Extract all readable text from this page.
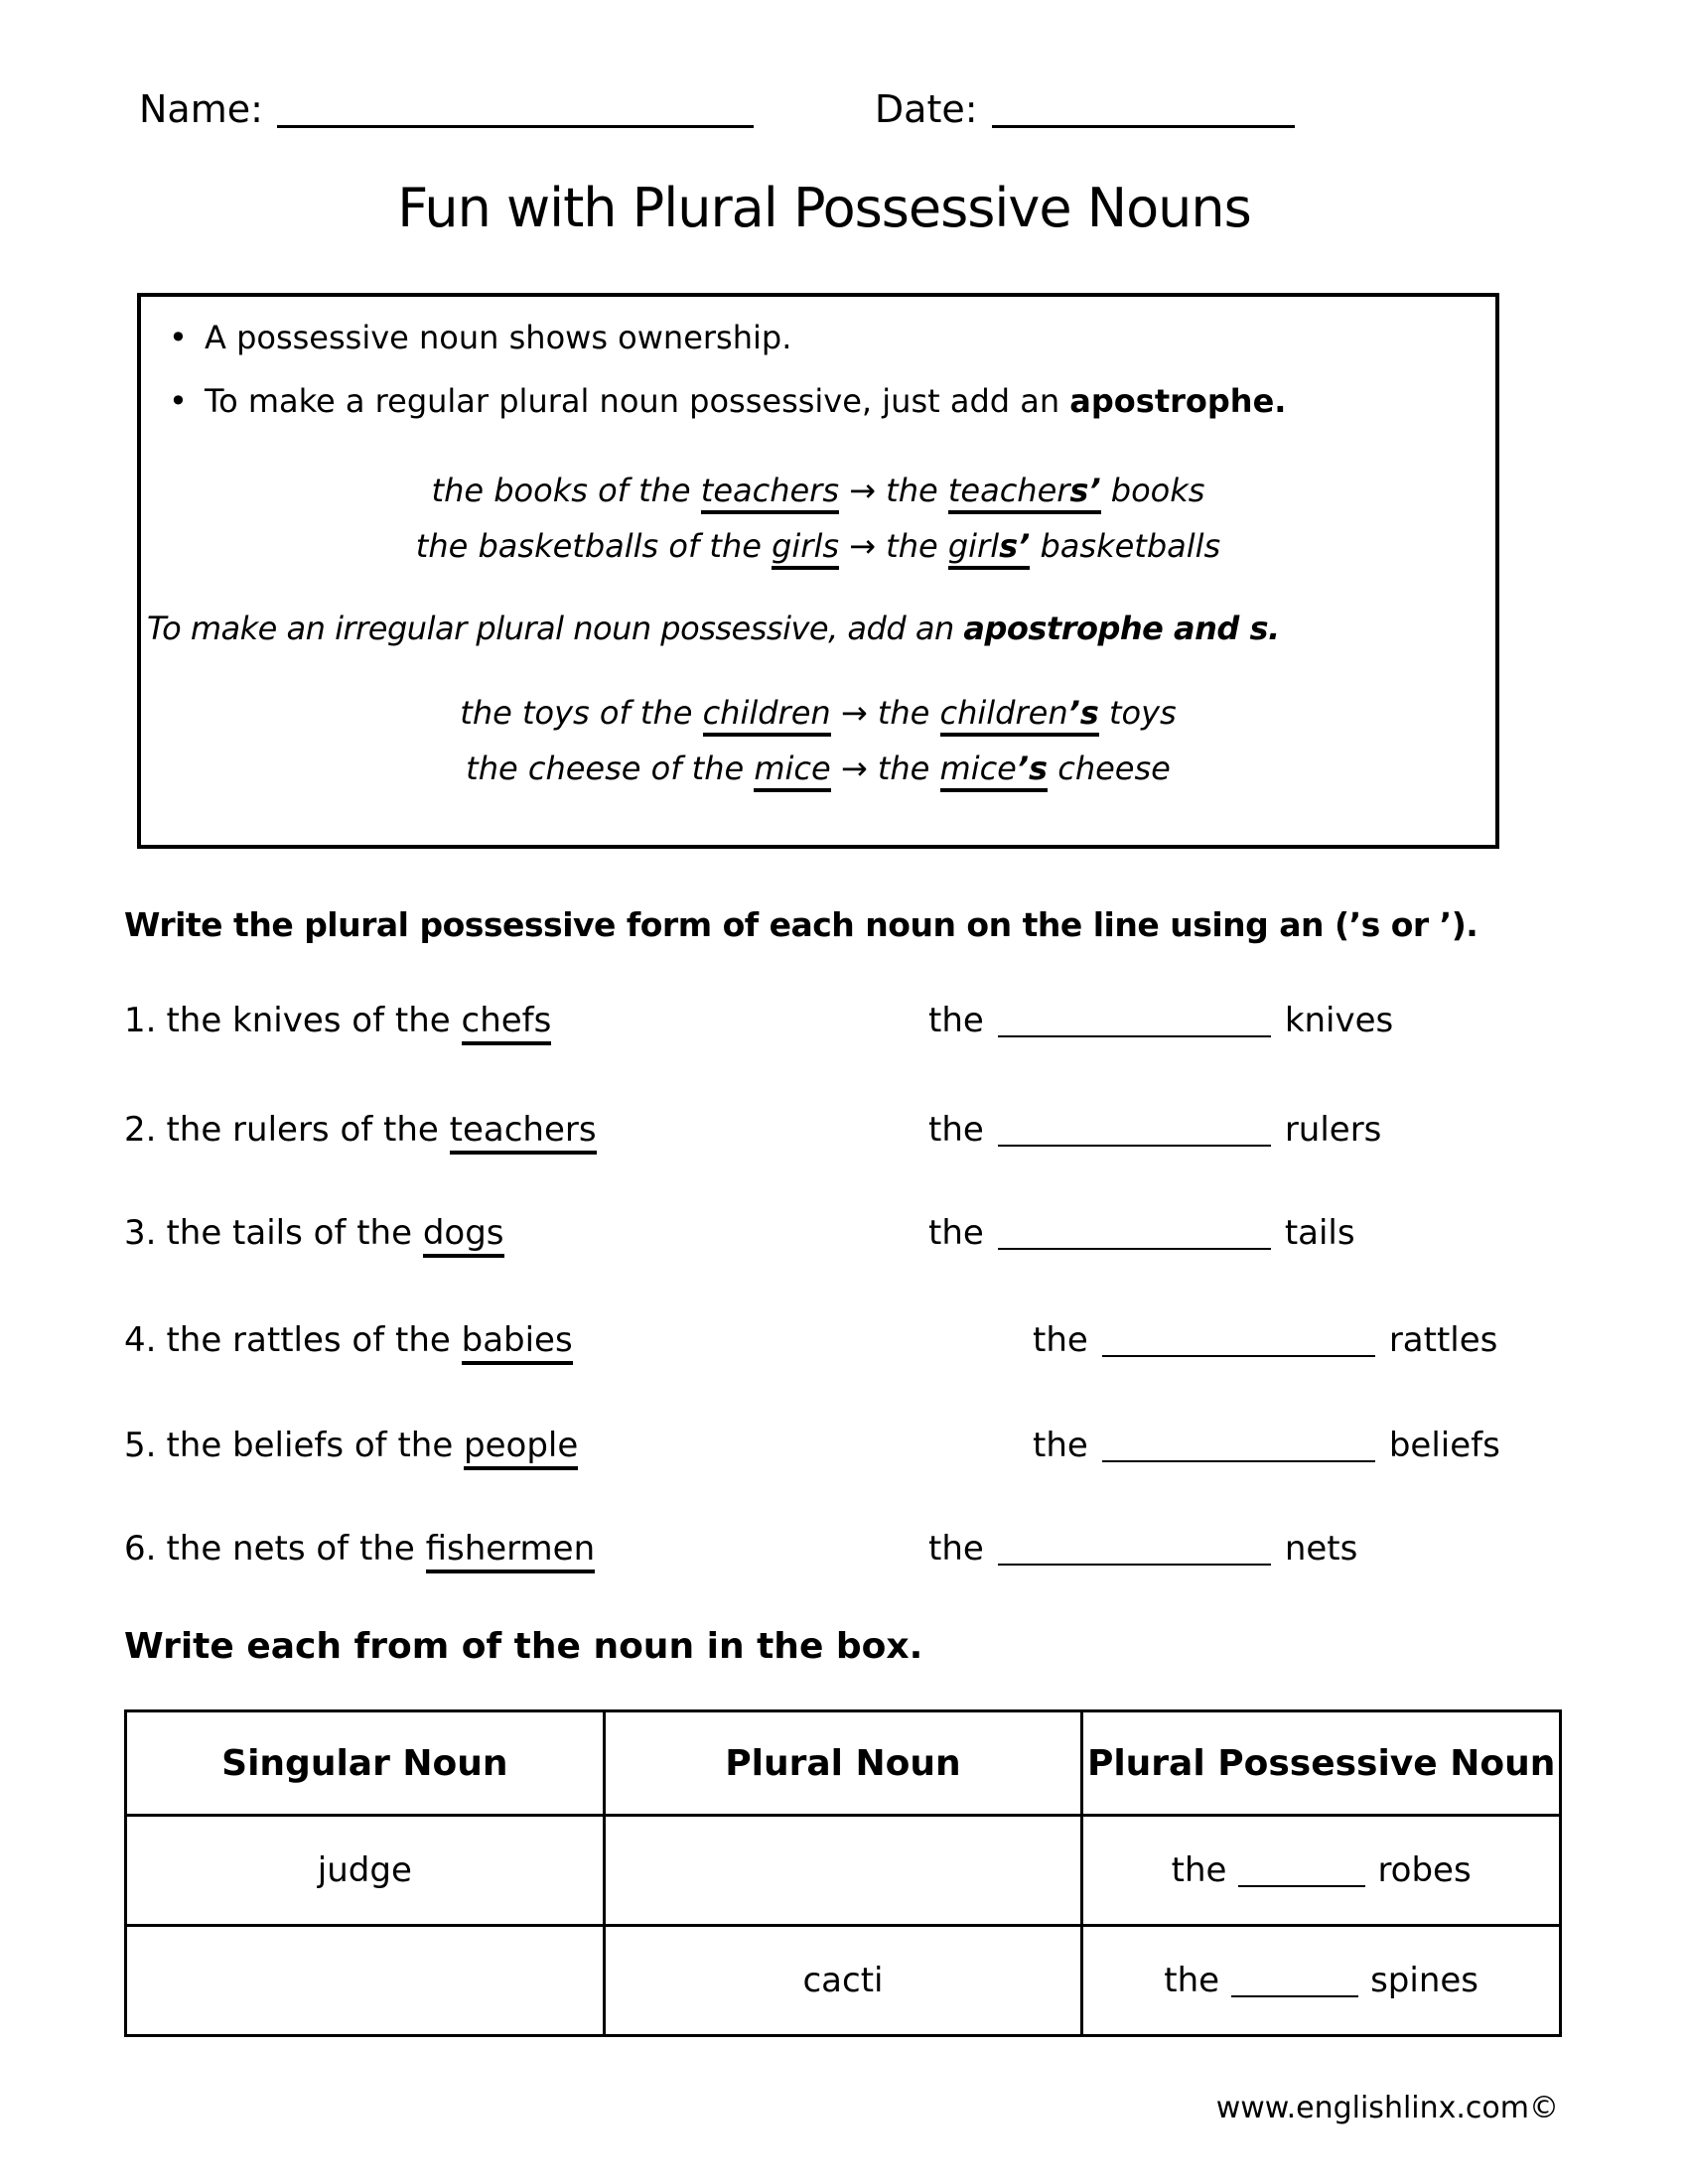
Name:	Date:
Fun with Plural Possessive Nouns
• A possessive noun shows ownership.
• To make a regular plural noun possessive, just add an apostrophe.
the books of the teachers → the teachers’ books
the basketballs of the girls → the girls’ basketballs
To make an irregular plural noun possessive, add an apostrophe and s.
the toys of the children → the children’s toys
the cheese of the mice → the mice’s cheese
Write the plural possessive form of each noun on the line using an (’s or ’).
1. the knives of the chefs	the	knives
2. the rulers of the teachers	the	rulers
3. the tails of the dogs	the	tails
4. the rattles of the babies	the	rattles
5. the beliefs of the people	the	beliefs
6. the nets of the fishermen	the	nets
Write each from of the noun in the box.
Singular Noun	Plural Noun	Plural Possessive Noun
judge		the robes
	cacti	the spines
www.englishlinx.com©
